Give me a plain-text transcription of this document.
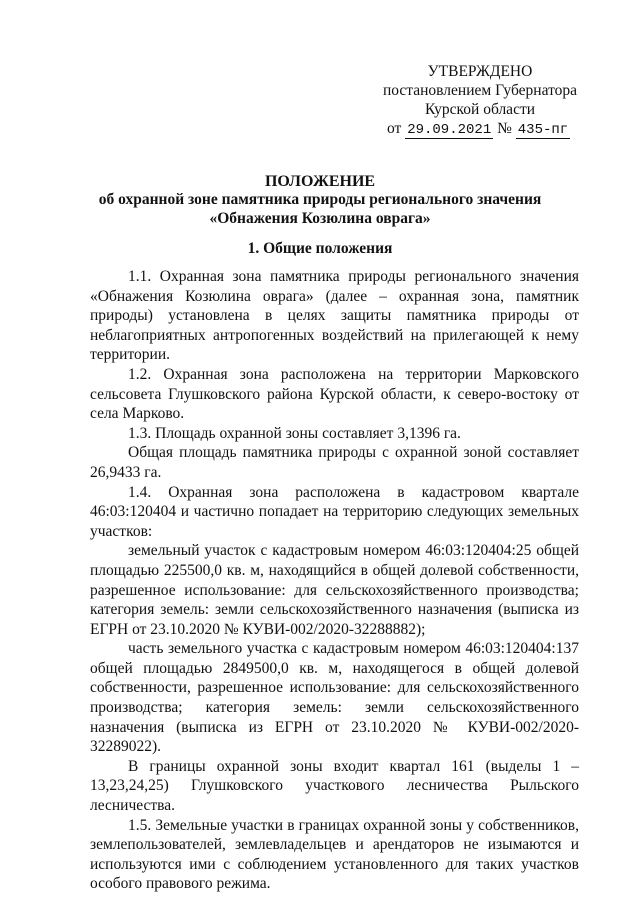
УТВЕРЖДЕНО
постановлением Губернатора
Курской области
от 29.09.2021 № 435-пг
ПОЛОЖЕНИЕ
об охранной зоне памятника природы регионального значения
«Обнажения Козюлина оврага»
1. Общие положения

1.1. Охранная зона памятника природы регионального значения «Обнажения Козюлина оврага» (далее – охранная зона, памятник природы) установлена в целях защиты памятника природы от неблагоприятных антропогенных воздействий на прилегающей к нему территории.

1.2. Охранная зона расположена на территории Марковского сельсовета Глушковского района Курской области, к северо-востоку от села Марково.

1.3. Площадь охранной зоны составляет 3,1396 га.

Общая площадь памятника природы с охранной зоной составляет 26,9433 га.

1.4. Охранная зона расположена в кадастровом квартале 46:03:120404 и частично попадает на территорию следующих земельных участков:

земельный участок с кадастровым номером 46:03:120404:25 общей площадью 225500,0 кв. м, находящийся в общей долевой собственности, разрешенное использование: для сельскохозяйственного производства; категория земель: земли сельскохозяйственного назначения (выписка из ЕГРН от 23.10.2020 № КУВИ-002/2020-32288882);

часть земельного участка с кадастровым номером 46:03:120404:137 общей площадью 2849500,0 кв. м, находящегося в общей долевой собственности, разрешенное использование: для сельскохозяйственного производства; категория земель: земли сельскохозяйственного назначения (выписка из ЕГРН от 23.10.2020 № КУВИ-002/2020-32289022).

В границы охранной зоны входит квартал 161 (выделы 1 – 13,23,24,25) Глушковского участкового лесничества Рыльского лесничества.

1.5. Земельные участки в границах охранной зоны у собственников, землепользователей, землевладельцев и арендаторов не изымаются и используются ими с соблюдением установленного для таких участков особого правового режима.
